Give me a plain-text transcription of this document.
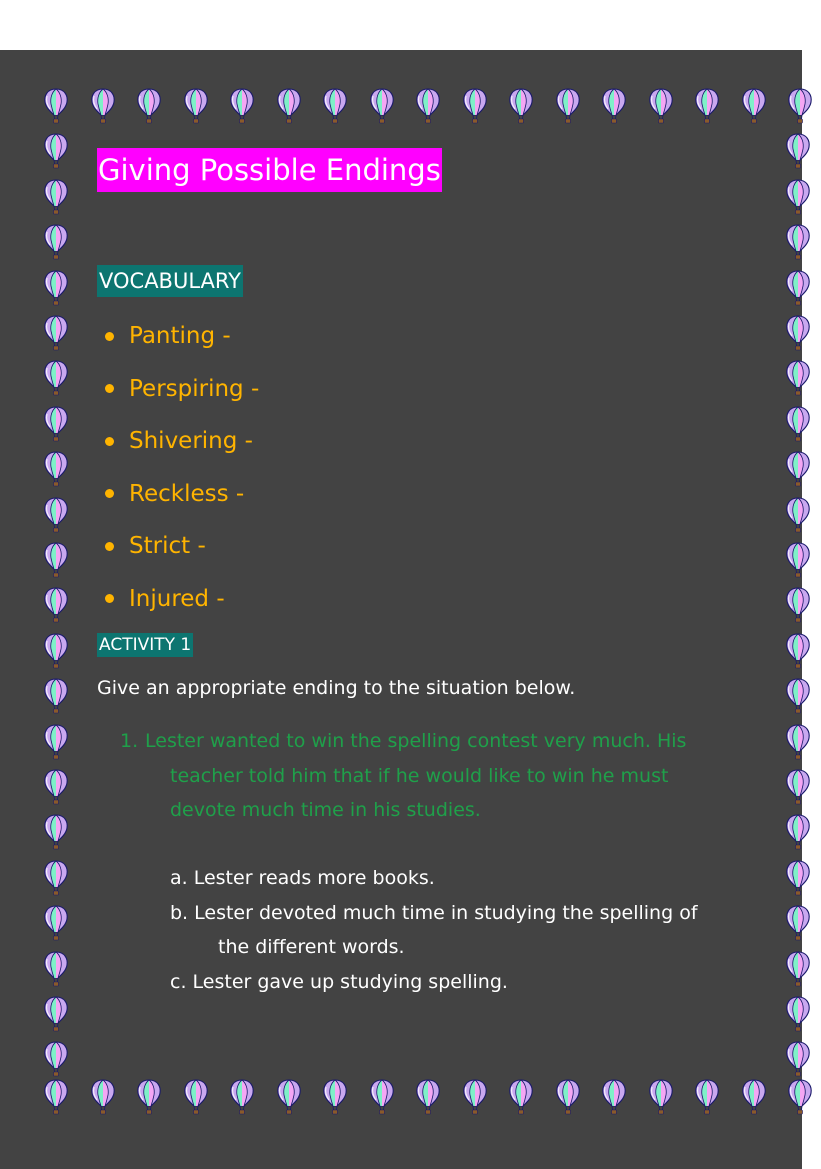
Giving Possible Endings
VOCABULARY
Panting -
Perspiring -
Shivering -
Reckless -
Strict -
Injured -
ACTIVITY 1
Give an appropriate ending to the situation below.
1. Lester wanted to win the spelling contest very much. His
teacher told him that if he would like to win he must
devote much time in his studies.
a. Lester reads more books.
b. Lester devoted much time in studying the spelling of
the different words.
c. Lester gave up studying spelling.
